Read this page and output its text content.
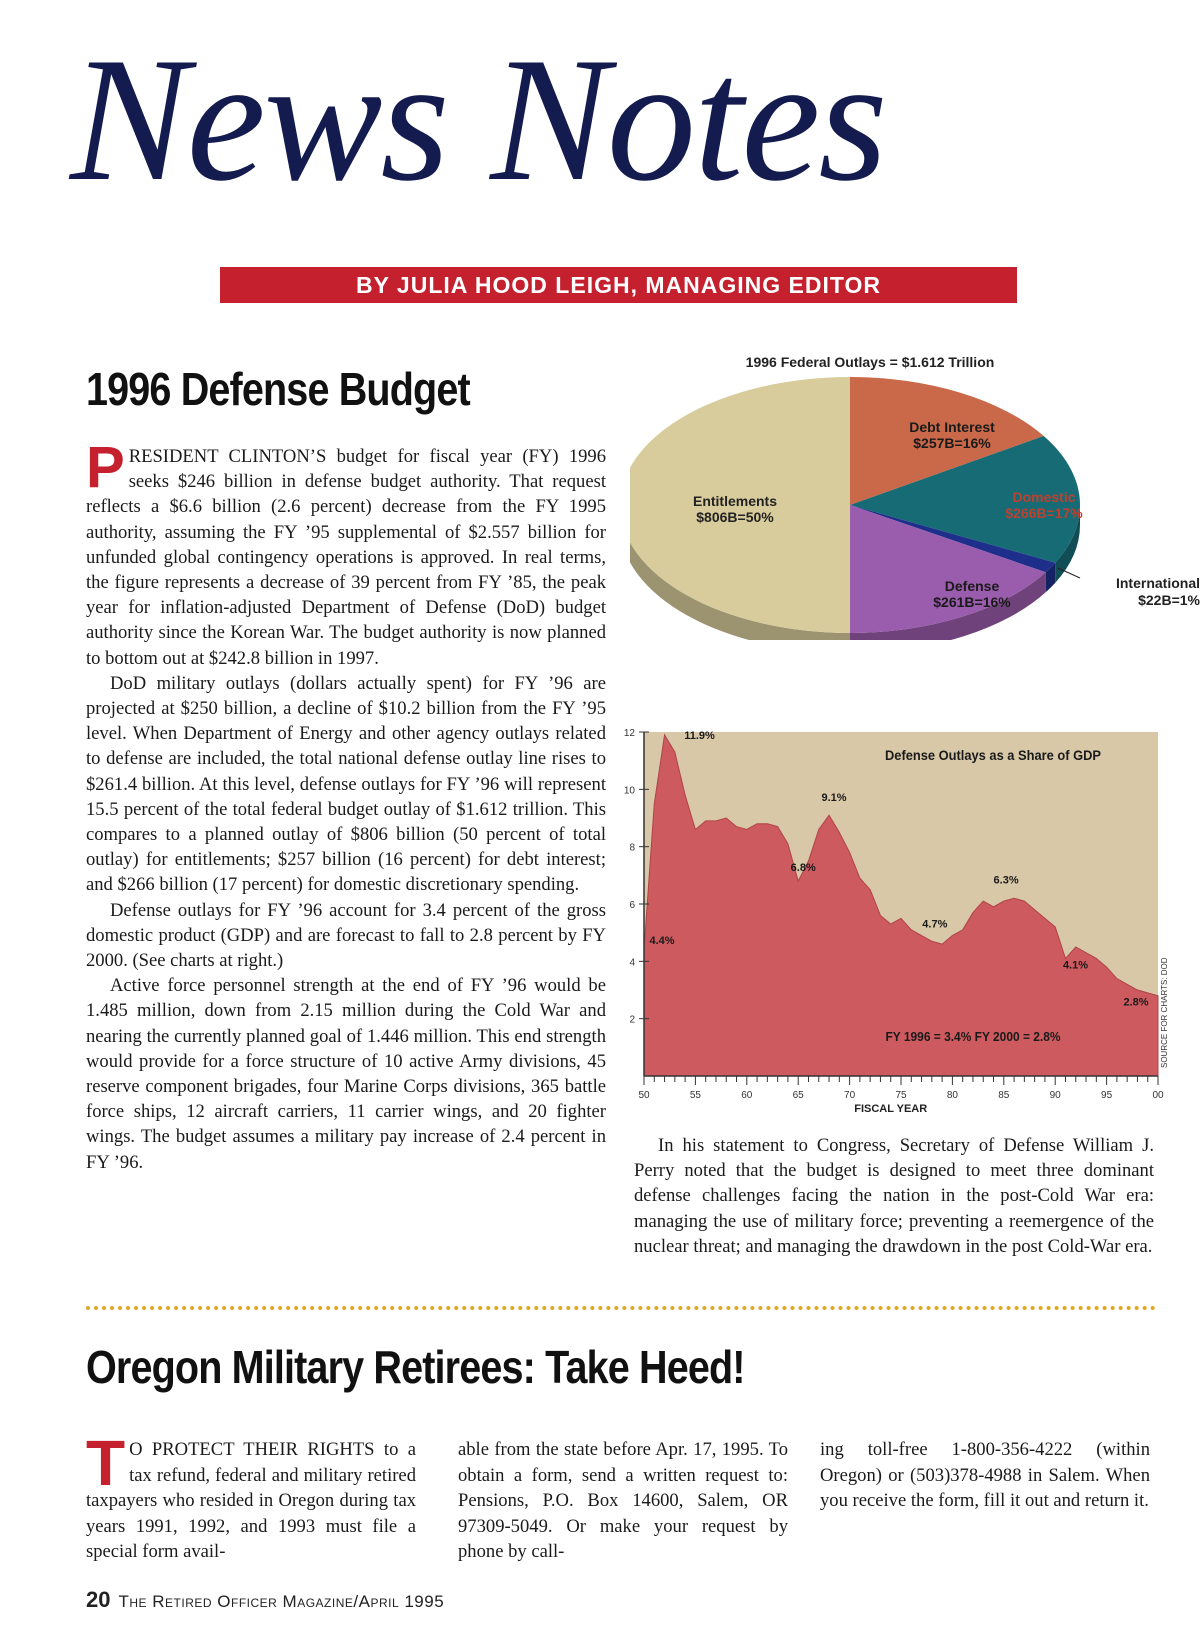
News Notes
BY JULIA HOOD LEIGH, MANAGING EDITOR
1996 Defense Budget

PRESIDENT CLINTON’S budget for fiscal year (FY) 1996 seeks $246 billion in defense budget authority. That request reflects a $6.6 billion (2.6 percent) decrease from the FY 1995 authority, assuming the FY ’95 supplemental of $2.557 billion for unfunded global contingency operations is approved. In real terms, the figure represents a decrease of 39 percent from FY ’85, the peak year for inflation-adjusted Department of Defense (DoD) budget authority since the Korean War. The budget authority is now planned to bottom out at $242.8 billion in 1997.

DoD military outlays (dollars actually spent) for FY ’96 are projected at $250 billion, a decline of $10.2 billion from the FY ’95 level. When Department of Energy and other agency outlays related to defense are included, the total national defense outlay line rises to $261.4 billion. At this level, defense outlays for FY ’96 will represent 15.5 percent of the total federal budget outlay of $1.612 trillion. This compares to a planned outlay of $806 billion (50 percent of total outlay) for entitlements; $257 billion (16 percent) for debt interest; and $266 billion (17 percent) for domestic discretionary spending.

Defense outlays for FY ’96 account for 3.4 percent of the gross domestic product (GDP) and are forecast to fall to 2.8 percent by FY 2000. (See charts at right.)

Active force personnel strength at the end of FY ’96 would be 1.485 million, down from 2.15 million during the Cold War and nearing the currently planned goal of 1.446 million. This end strength would provide for a force structure of 10 active Army divisions, 45 reserve component brigades, four Marine Corps divisions, 365 battle force ships, 12 aircraft carriers, 11 carrier wings, and 20 fighter wings. The budget assumes a military pay increase of 2.4 percent in FY ’96.

1996 Federal Outlays = $1.612 Trillion
Entitlements
$806B=50%
Debt Interest
$257B=16%
Domestic
$266B=17%
Defense
$261B=16%
International
$22B=1%
2
4
6
8
10
12
50	55	60	65	70	75	80	85	90	95	00
FISCAL YEAR
Defense Outlays as a Share of GDP
11.9%
4.4%
6.8%
9.1%
4.7%
6.3%
4.1%
2.8%
FY 1996 = 3.4% FY 2000 = 2.8%	SOURCE FOR CHARTS: DOD

In his statement to Congress, Secretary of Defense William J. Perry noted that the budget is designed to meet three dominant defense challenges facing the nation in the post-Cold War era: managing the use of military force; preventing a reemergence of the nuclear threat; and managing the drawdown in the post Cold-War era.

Oregon Military Retirees: Take Heed!
T O PROTECT THEIR RIGHTS to a tax refund, federal and military retired taxpayers who resided in Oregon during tax years 1991, 1992, and 1993 must file a special form avail-
able from the state before Apr. 17, 1995. To obtain a form, send a written request to: Pensions, P.O. Box 14600, Salem, OR 97309-5049. Or make your request by phone by call-
ing toll-free 1-800-356-4222 (within Oregon) or (503)378-4988 in Salem. When you receive the form, fill it out and return it.
20 The Retired Officer Magazine/April 1995
